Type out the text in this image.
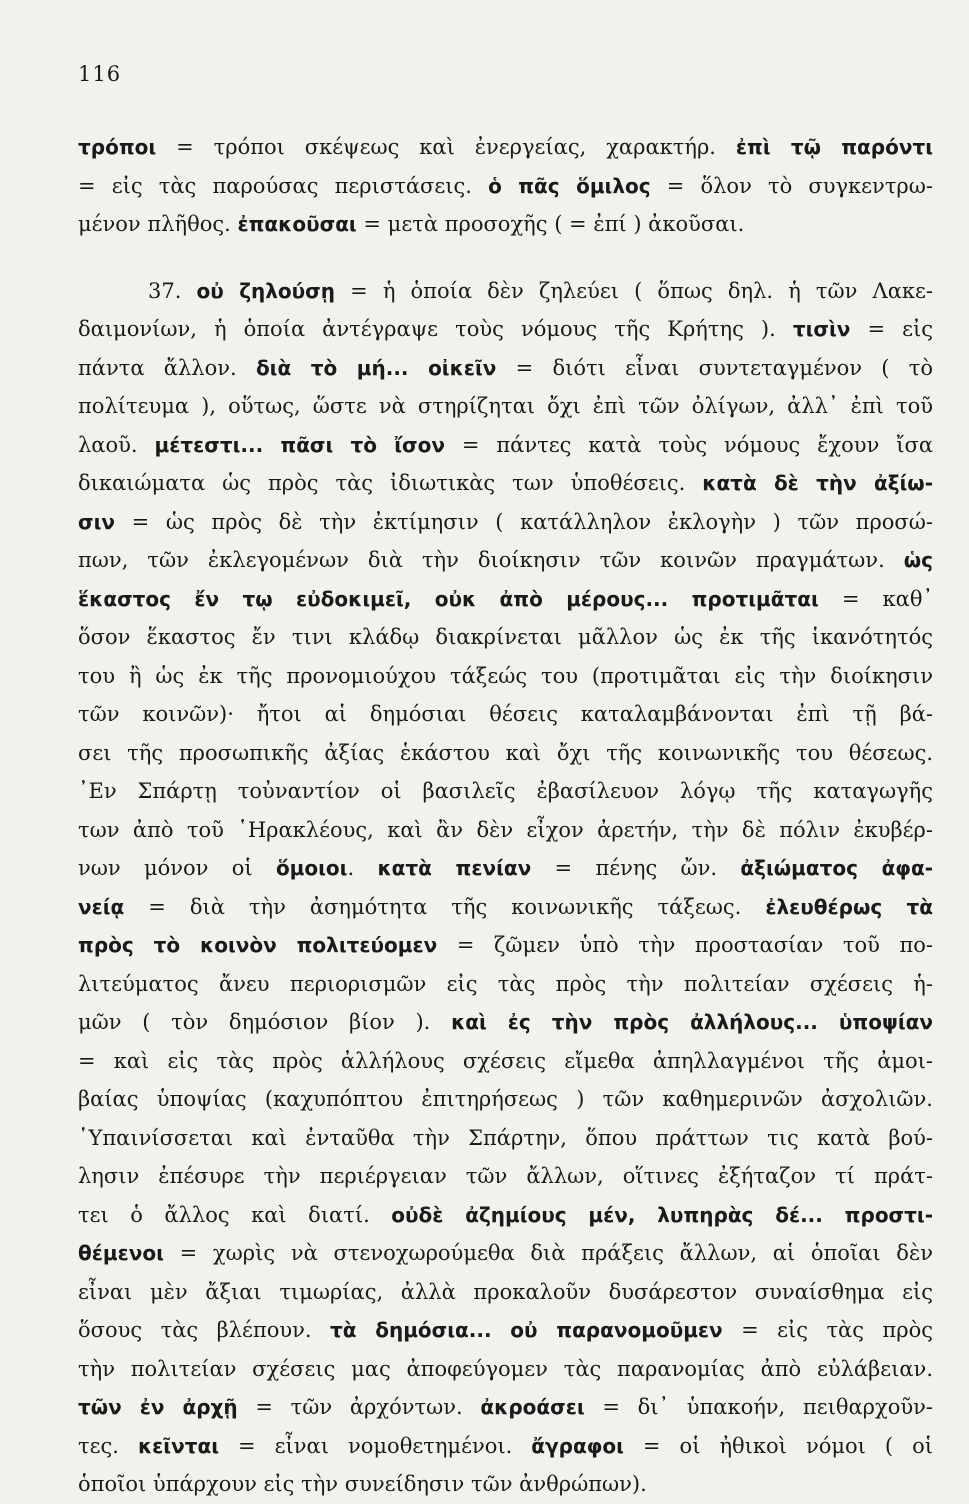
116
τρόποι = τρόποι σκέψεως καὶ ἐνεργείας, χαρακτήρ. ἐπὶ τῷ παρόντι
= εἰς τὰς παρούσας περιστάσεις. ὁ πᾶς ὅμιλος = ὅλον τὸ συγκεντρω-
μένον πλῆθος. ἐπακοῦσαι = μετὰ προσοχῆς ( = ἐπί ) ἀκοῦσαι.
37. οὐ ζηλούσῃ = ἡ ὁποία δὲν ζηλεύει ( ὅπως δηλ. ἡ τῶν Λακε-
δαιμονίων, ἡ ὁποία ἀντέγραψε τοὺς νόμους τῆς Κρήτης ). τισὶν = εἰς
πάντα ἄλλον. διὰ τὸ μή... οἰκεῖν = διότι εἶναι συντεταγμένον ( τὸ
πολίτευμα ), οὕτως, ὥστε νὰ στηρίζηται ὄχι ἐπὶ τῶν ὀλίγων, ἀλλ᾽ ἐπὶ τοῦ
λαοῦ. μέτεστι... πᾶσι τὸ ἴσον = πάντες κατὰ τοὺς νόμους ἔχουν ἴσα
δικαιώματα ὡς πρὸς τὰς ἰδιωτικὰς των ὑποθέσεις. κατὰ δὲ τὴν ἀξίω-
σιν = ὡς πρὸς δὲ τὴν ἐκτίμησιν ( κατάλληλον ἐκλογὴν ) τῶν προσώ-
πων, τῶν ἐκλεγομένων διὰ τὴν διοίκησιν τῶν κοινῶν πραγμάτων. ὡς
ἕκαστος ἔν τῳ εὐδοκιμεῖ, οὐκ ἀπὸ μέρους... προτιμᾶται = καθ᾽
ὅσον ἕκαστος ἔν τινι κλάδῳ διακρίνεται μᾶλλον ὡς ἐκ τῆς ἱκανότητός
του ἢ ὡς ἐκ τῆς προνομιούχου τάξεώς του (προτιμᾶται εἰς τὴν διοίκησιν
τῶν κοινῶν)· ἤτοι αἱ δημόσιαι θέσεις καταλαμβάνονται ἐπὶ τῇ βά-
σει τῆς προσωπικῆς ἀξίας ἑκάστου καὶ ὄχι τῆς κοινωνικῆς του θέσεως.
᾿Εν Σπάρτῃ τοὐναντίον οἱ βασιλεῖς ἐβασίλευον λόγῳ τῆς καταγωγῆς
των ἀπὸ τοῦ ῾Ηρακλέους, καὶ ἂν δὲν εἶχον ἀρετήν, τὴν δὲ πόλιν ἐκυβέρ-
νων μόνον οἱ ὅμοιοι. κατὰ πενίαν = πένης ὤν. ἀξιώματος ἀφα-
νείᾳ = διὰ τὴν ἀσημότητα τῆς κοινωνικῆς τάξεως. ἐλευθέρως τὰ
πρὸς τὸ κοινὸν πολιτεύομεν = ζῶμεν ὑπὸ τὴν προστασίαν τοῦ πο-
λιτεύματος ἄνευ περιορισμῶν εἰς τὰς πρὸς τὴν πολιτείαν σχέσεις ἡ-
μῶν ( τὸν δημόσιον βίον ). καὶ ἐς τὴν πρὸς ἀλλήλους... ὑποψίαν
= καὶ εἰς τὰς πρὸς ἀλλήλους σχέσεις εἴμεθα ἀπηλλαγμένοι τῆς ἀμοι-
βαίας ὑποψίας (καχυπόπτου ἐπιτηρήσεως ) τῶν καθημερινῶν ἀσχολιῶν.
῾Υπαινίσσεται καὶ ἐνταῦθα τὴν Σπάρτην, ὅπου πράττων τις κατὰ βού-
λησιν ἐπέσυρε τὴν περιέργειαν τῶν ἄλλων, οἵτινες ἐξήταζον τί πράτ-
τει ὁ ἄλλος καὶ διατί. οὐδὲ ἀζημίους μέν, λυπηρὰς δέ... προστι-
θέμενοι = χωρὶς νὰ στενοχωρούμεθα διὰ πράξεις ἄλλων, αἱ ὁποῖαι δὲν
εἶναι μὲν ἄξιαι τιμωρίας, ἀλλὰ προκαλοῦν δυσάρεστον συναίσθημα εἰς
ὅσους τὰς βλέπουν. τὰ δημόσια... οὐ παρανομοῦμεν = εἰς τὰς πρὸς
τὴν πολιτείαν σχέσεις μας ἀποφεύγομεν τὰς παρανομίας ἀπὸ εὐλάβειαν.
τῶν ἐν ἀρχῇ = τῶν ἀρχόντων. ἀκροάσει = δι᾽ ὑπακοήν, πειθαρχοῦν-
τες. κεῖνται = εἶναι νομοθετημένοι. ἄγραφοι = οἱ ἠθικοὶ νόμοι ( οἱ
ὁποῖοι ὑπάρχουν εἰς τὴν συνείδησιν τῶν ἀνθρώπων).
